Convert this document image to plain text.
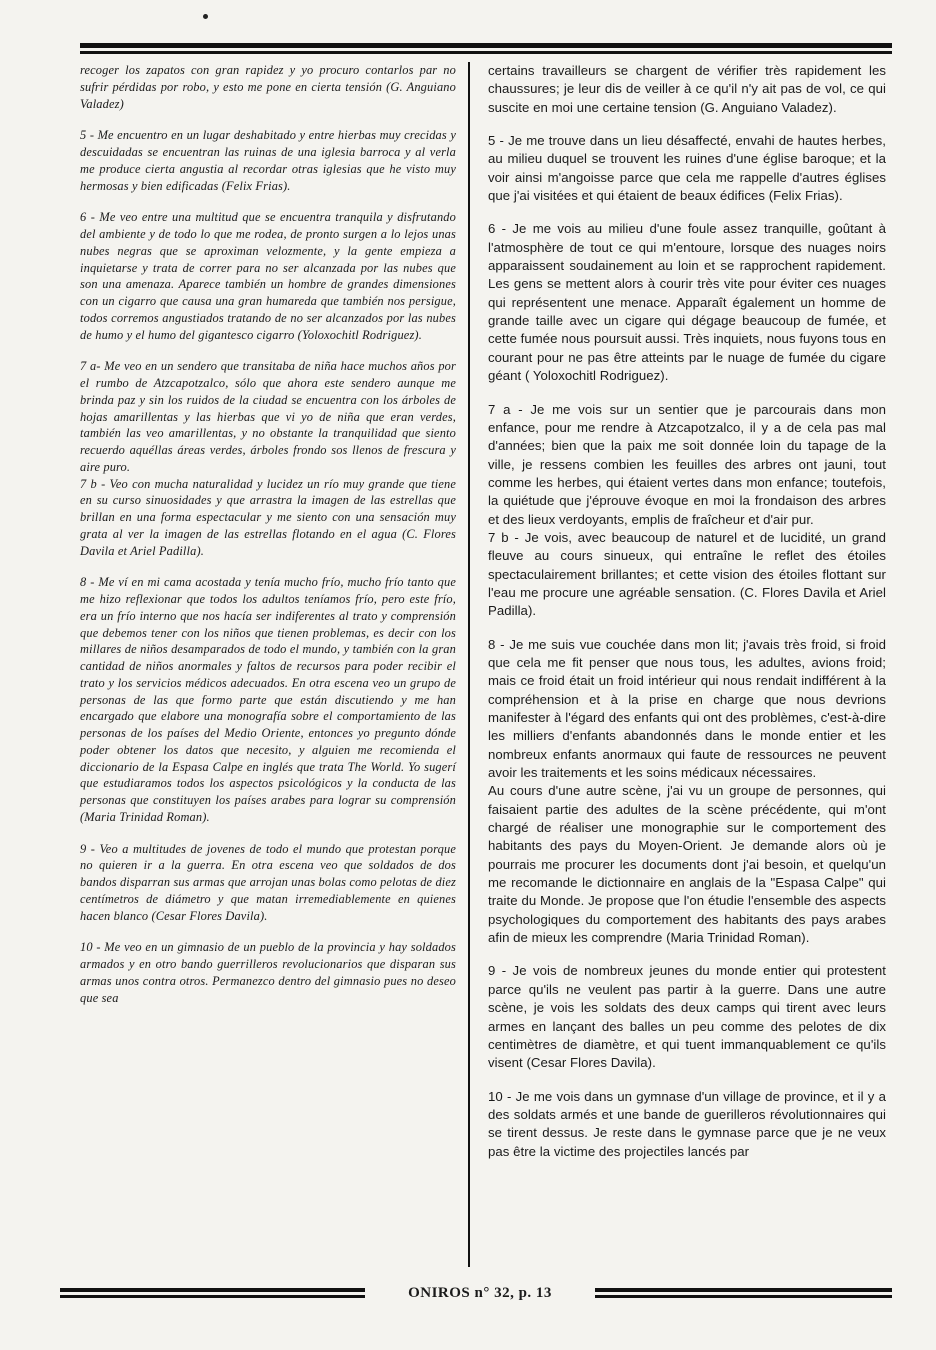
recoger los zapatos con gran rapidez y yo procuro contarlos par no sufrir pérdidas por robo, y esto me pone en cierta tensión (G. Anguiano Valadez)

5 - Me encuentro en un lugar deshabitado y entre hierbas muy crecidas y descuidadas se encuentran las ruinas de una iglesia barroca y al verla me produce cierta angustia al recordar otras iglesias que he visto muy hermosas y bien edificadas (Felix Frias).

6 - Me veo entre una multitud que se encuentra tranquila y disfrutando del ambiente y de todo lo que me rodea, de pronto surgen a lo lejos unas nubes negras que se aproximan velozmente, y la gente empieza a inquietarse y trata de correr para no ser alcanzada por las nubes que son una amenaza. Aparece también un hombre de grandes dimensiones con un cigarro que causa una gran humareda que también nos persigue, todos corremos angustiados tratando de no ser alcanzados por las nubes de humo y el humo del gigantesco cigarro (Yoloxochitl Rodriguez).

7 a- Me veo en un sendero que transitaba de niña hace muchos años por el rumbo de Atzcapotzalco, sólo que ahora este sendero aunque me brinda paz y sin los ruidos de la ciudad se encuentra con los árboles de hojas amarillentas y las hierbas que vi yo de niña que eran verdes, también las veo amarillentas, y no obstante la tranquilidad que siento recuerdo aquéllas áreas verdes, árboles frondo sos llenos de frescura y aire puro.

7 b - Veo con mucha naturalidad y lucidez un río muy grande que tiene en su curso sinuosidades y que arrastra la imagen de las estrellas que brillan en una forma espectacular y me siento con una sensación muy grata al ver la imagen de las estrellas flotando en el agua (C. Flores Davila et Ariel Padilla).

8 - Me ví en mi cama acostada y tenía mucho frío, mucho frío tanto que me hizo reflexionar que todos los adultos teníamos frío, pero este frío, era un frío interno que nos hacía ser indiferentes al trato y comprensión que debemos tener con los niños que tienen problemas, es decir con los millares de niños desamparados de todo el mundo, y también con la gran cantidad de niños anormales y faltos de recursos para poder recibir el trato y los servicios médicos adecuados. En otra escena veo un grupo de personas de las que formo parte que están discutiendo y me han encargado que elabore una monografía sobre el comportamiento de las personas de los países del Medio Oriente, entonces yo pregunto dónde poder obtener los datos que necesito, y alguien me recomienda el diccionario de la Espasa Calpe en inglés que trata The World. Yo sugerí que estudiaramos todos los aspectos psicológicos y la conducta de las personas que constituyen los países arabes para lograr su comprensión (Maria Trinidad Roman).

9 - Veo a multitudes de jovenes de todo el mundo que protestan porque no quieren ir a la guerra. En otra escena veo que soldados de dos bandos disparran sus armas que arrojan unas bolas como pelotas de diez centímetros de diámetro y que matan irremediablemente en quienes hacen blanco (Cesar Flores Davila).

10 - Me veo en un gimnasio de un pueblo de la provincia y hay soldados armados y en otro bando guerrilleros revolucionarios que disparan sus armas unos contra otros. Permanezco dentro del gimnasio pues no deseo que sea

certains travailleurs se chargent de vérifier très rapidement les chaussures; je leur dis de veiller à ce qu'il n'y ait pas de vol, ce qui suscite en moi une certaine tension (G. Anguiano Valadez).

5 - Je me trouve dans un lieu désaffecté, envahi de hautes herbes, au milieu duquel se trouvent les ruines d'une église baroque; et la voir ainsi m'angoisse parce que cela me rappelle d'autres églises que j'ai visitées et qui étaient de beaux édifices (Felix Frias).

6 - Je me vois au milieu d'une foule assez tranquille, goûtant à l'atmosphère de tout ce qui m'entoure, lorsque des nuages noirs apparaissent soudainement au loin et se rapprochent rapidement. Les gens se mettent alors à courir très vite pour éviter ces nuages qui représentent une menace. Apparaît également un homme de grande taille avec un cigare qui dégage beaucoup de fumée, et cette fumée nous poursuit aussi. Très inquiets, nous fuyons tous en courant pour ne pas être atteints par le nuage de fumée du cigare géant ( Yoloxochitl Rodriguez).

7 a - Je me vois sur un sentier que je parcourais dans mon enfance, pour me rendre à Atzcapotzalco, il y a de cela pas mal d'années; bien que la paix me soit donnée loin du tapage de la ville, je ressens combien les feuilles des arbres ont jauni, tout comme les herbes, qui étaient vertes dans mon enfance; toutefois, la quiétude que j'éprouve évoque en moi la frondaison des arbres et des lieux verdoyants, emplis de fraîcheur et d'air pur.

7 b - Je vois, avec beaucoup de naturel et de lucidité, un grand fleuve au cours sinueux, qui entraîne le reflet des étoiles spectaculairement brillantes; et cette vision des étoiles flottant sur l'eau me procure une agréable sensation. (C. Flores Davila et Ariel Padilla).

8 - Je me suis vue couchée dans mon lit; j'avais très froid, si froid que cela me fit penser que nous tous, les adultes, avions froid; mais ce froid était un froid intérieur qui nous rendait indifférent à la compréhension et à la prise en charge que nous devrions manifester à l'égard des enfants qui ont des problèmes, c'est-à-dire les milliers d'enfants abandonnés dans le monde entier et les nombreux enfants anormaux qui faute de ressources ne peuvent avoir les traitements et les soins médicaux nécessaires.

Au cours d'une autre scène, j'ai vu un groupe de personnes, qui faisaient partie des adultes de la scène précédente, qui m'ont chargé de réaliser une monographie sur le comportement des habitants des pays du Moyen-Orient. Je demande alors où je pourrais me procurer les documents dont j'ai besoin, et quelqu'un me recomande le dictionnaire en anglais de la "Espasa Calpe" qui traite du Monde. Je propose que l'on étudie l'ensemble des aspects psychologiques du comportement des habitants des pays arabes afin de mieux les comprendre (Maria Trinidad Roman).

9 - Je vois de nombreux jeunes du monde entier qui protestent parce qu'ils ne veulent pas partir à la guerre. Dans une autre scène, je vois les soldats des deux camps qui tirent avec leurs armes en lançant des balles un peu comme des pelotes de dix centimètres de diamètre, et qui tuent immanquablement ce qu'ils visent (Cesar Flores Davila).

10 - Je me vois dans un gymnase d'un village de province, et il y a des soldats armés et une bande de guerilleros révolutionnaires qui se tirent dessus. Je reste dans le gymnase parce que je ne veux pas être la victime des projectiles lancés par

ONIROS n° 32, p. 13
